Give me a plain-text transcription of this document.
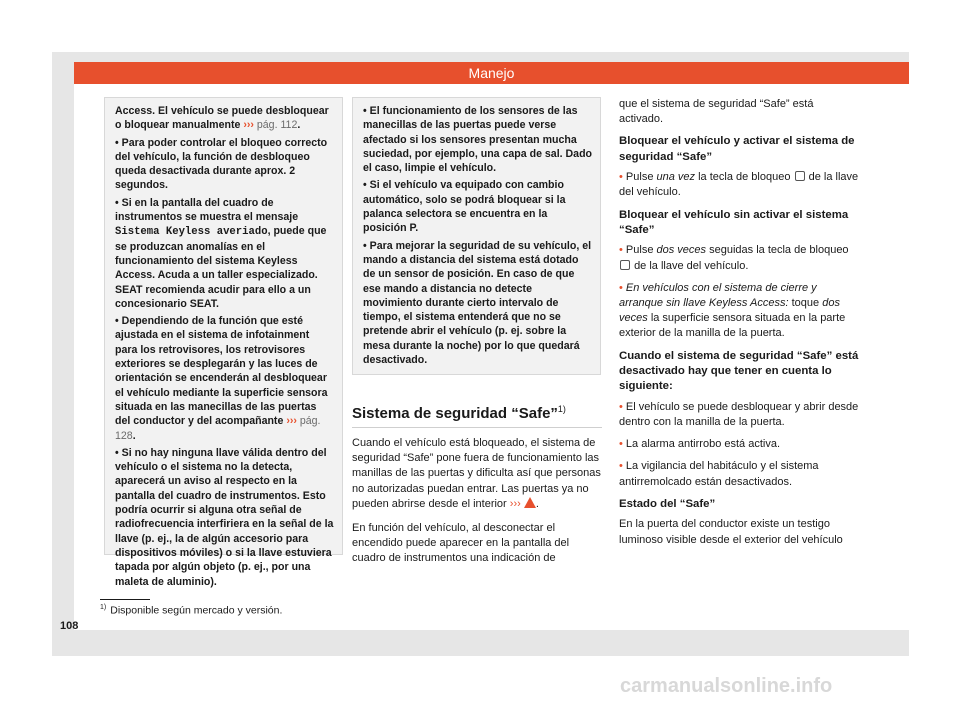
Manejo

Access. El vehículo se puede desbloquear o bloquear manualmente ››› pág. 112.

• Para poder controlar el bloqueo correcto del vehículo, la función de desbloqueo queda desactivada durante aprox. 2 segundos.

• Si en la pantalla del cuadro de instrumentos se muestra el mensaje Sistema Keyless averiado, puede que se produzcan anomalías en el funcionamiento del sistema Keyless Access. Acuda a un taller especializado. SEAT recomienda acudir para ello a un concesionario SEAT.

• Dependiendo de la función que esté ajustada en el sistema de infotainment para los retrovisores, los retrovisores exteriores se desplegarán y las luces de orientación se encenderán al desbloquear el vehículo mediante la superficie sensora situada en las manecillas de las puertas del conductor y del acompañante ››› pág. 128.

• Si no hay ninguna llave válida dentro del vehículo o el sistema no la detecta, aparecerá un aviso al respecto en la pantalla del cuadro de instrumentos. Esto podría ocurrir si alguna otra señal de radiofrecuencia interfiriera en la señal de la llave (p. ej., la de algún accesorio para dispositivos móviles) o si la llave estuviera tapada por algún objeto (p. ej., por una maleta de aluminio).

• El funcionamiento de los sensores de las manecillas de las puertas puede verse afectado si los sensores presentan mucha suciedad, por ejemplo, una capa de sal. Dado el caso, limpie el vehículo.

• Si el vehículo va equipado con cambio automático, solo se podrá bloquear si la palanca selectora se encuentra en la posición P.

• Para mejorar la seguridad de su vehículo, el mando a distancia del sistema está dotado de un sensor de posición. En caso de que ese mando a distancia no detecte movimiento durante cierto intervalo de tiempo, el sistema entenderá que no se pretende abrir el vehículo (p. ej. sobre la mesa durante la noche) por lo que quedará desactivado.

Sistema de seguridad “Safe”$^{1)}$

Cuando el vehículo está bloqueado, el sistema de seguridad “Safe” pone fuera de funcionamiento las manillas de las puertas y dificulta así que personas no autorizadas puedan entrar. Las puertas ya no pueden abrirse desde el interior ››› .

En función del vehículo, al desconectar el encendido puede aparecer en la pantalla del cuadro de instrumentos una indicación de

que el sistema de seguridad “Safe” está activado.

Bloquear el vehículo y activar el sistema de seguridad “Safe”

• Pulse una vez la tecla de bloqueo de la llave del vehículo.

Bloquear el vehículo sin activar el sistema “Safe”

• Pulse dos veces seguidas la tecla de bloqueo  de la llave del vehículo.

• En vehículos con el sistema de cierre y arranque sin llave Keyless Access: toque dos veces la superficie sensora situada en la parte exterior de la manilla de la puerta.

Cuando el sistema de seguridad “Safe” está desactivado hay que tener en cuenta lo siguiente:

• El vehículo se puede desbloquear y abrir desde dentro con la manilla de la puerta.

• La alarma antirrobo está activa.

• La vigilancia del habitáculo y el sistema antirremolcado están desactivados.

Estado del “Safe”

En la puerta del conductor existe un testigo luminoso visible desde el exterior del vehículo

$^{1)}$ Disponible según mercado y versión.
108
carmanualsonline.info
